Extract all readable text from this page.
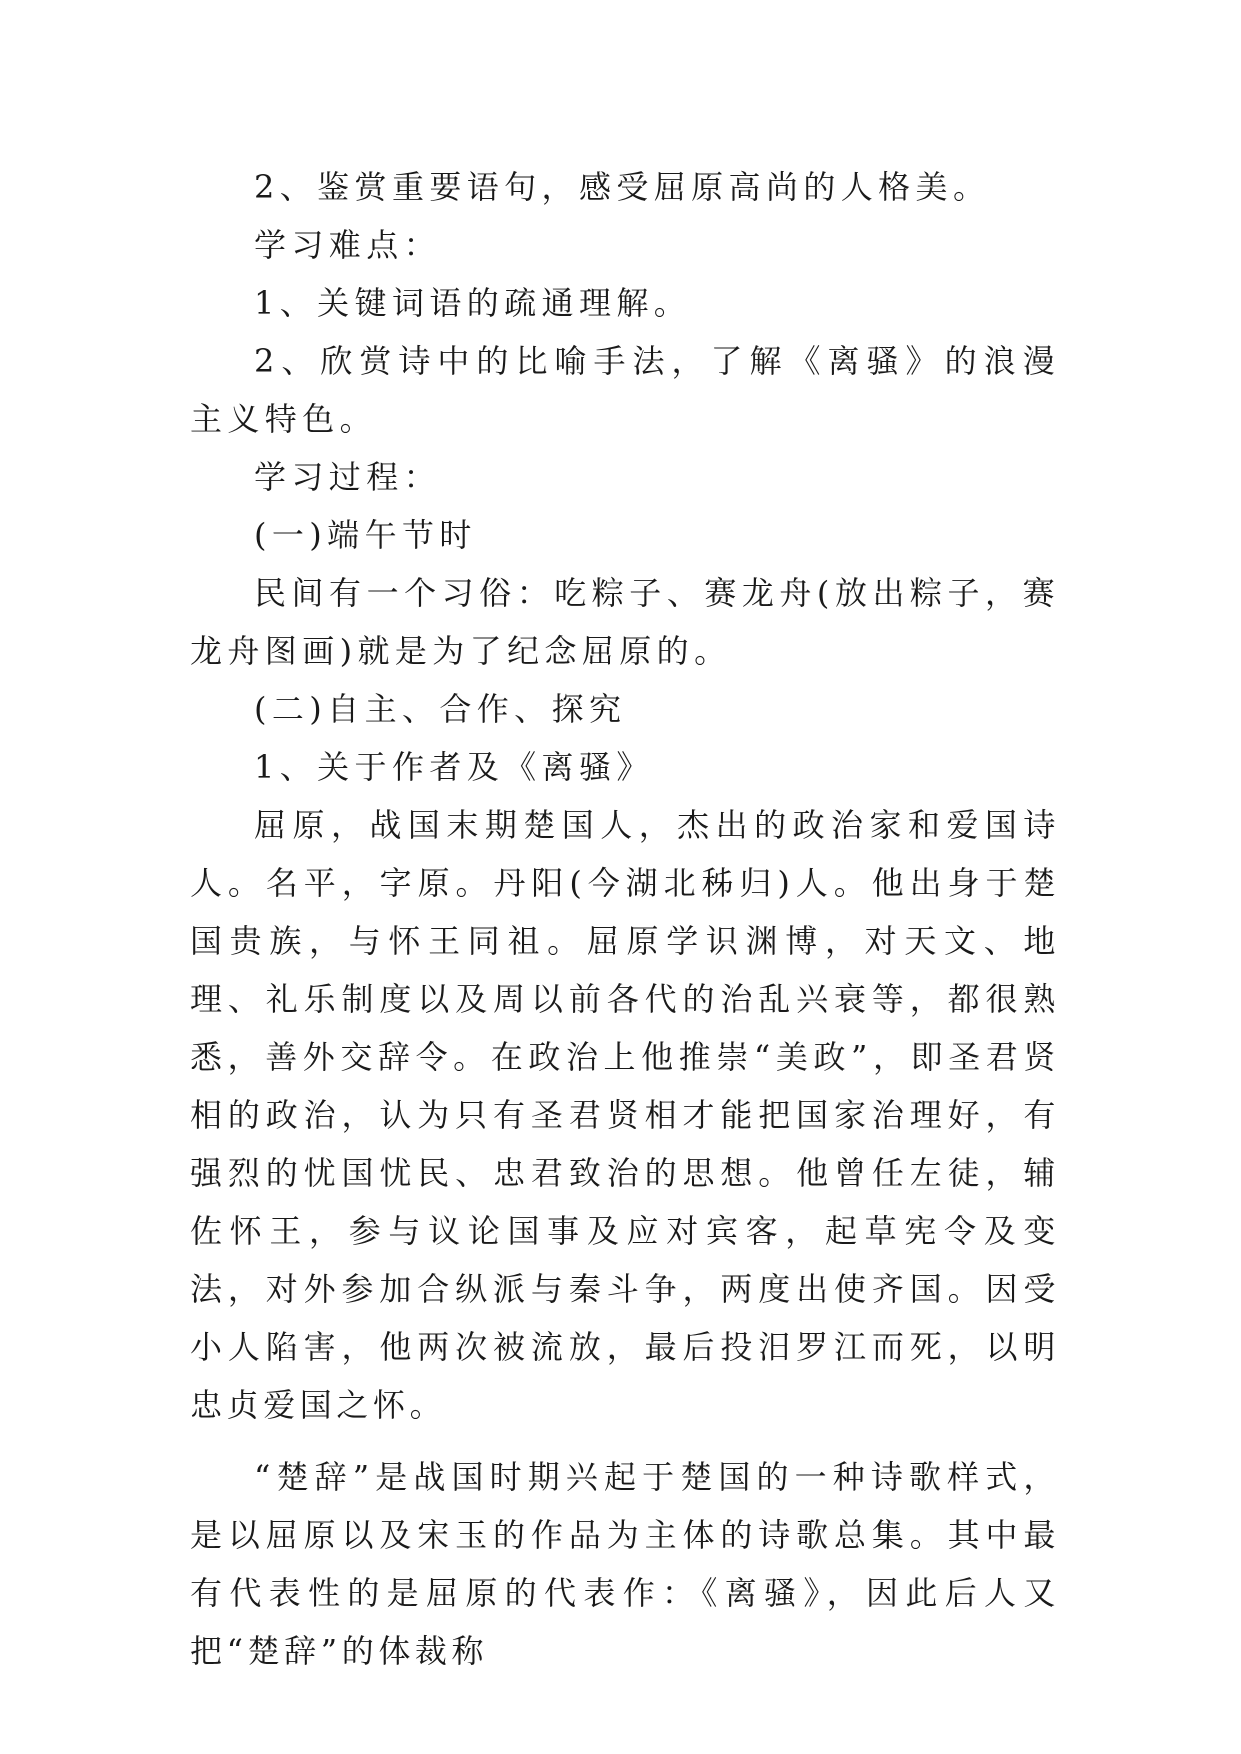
2、鉴赏重要语句，感受屈原高尚的人格美。

学习难点：

1、关键词语的疏通理解。

2、欣赏诗中的比喻手法，了解《离骚》的浪漫主义特色。

学习过程：

(一)端午节时

民间有一个习俗：吃粽子、赛龙舟(放出粽子，赛龙舟图画)就是为了纪念屈原的。

(二)自主、合作、探究

1、关于作者及《离骚》

屈原，战国末期楚国人，杰出的政治家和爱国诗人。名平，字原。丹阳(今湖北秭归)人。他出身于楚国贵族，与怀王同祖。屈原学识渊博，对天文、地理、礼乐制度以及周以前各代的治乱兴衰等，都很熟悉，善外交辞令。在政治上他推崇“美政”，即圣君贤相的政治，认为只有圣君贤相才能把国家治理好，有强烈的忧国忧民、忠君致治的思想。他曾任左徒，辅佐怀王，参与议论国事及应对宾客，起草宪令及变法，对外参加合纵派与秦斗争，两度出使齐国。因受小人陷害，他两次被流放，最后投汨罗江而死，以明忠贞爱国之怀。

“楚辞”是战国时期兴起于楚国的一种诗歌样式，是以屈原以及宋玉的作品为主体的诗歌总集。其中最有代表性的是屈原的代表作：《离骚》，因此后人又把“楚辞”的体裁称
